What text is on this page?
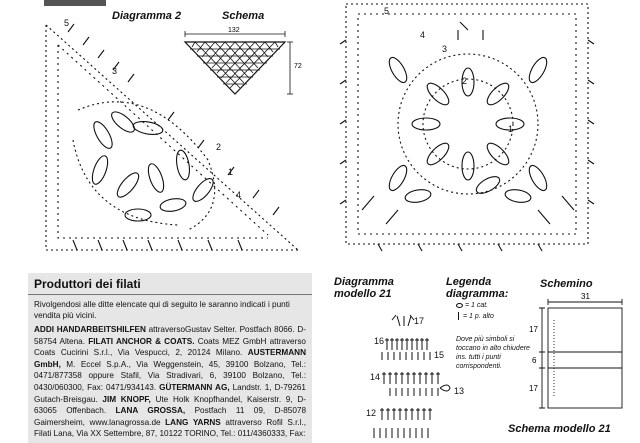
Diagramma 2	Schema
5
3
2
1
4
132
72
5
4
3
2
1
Produttori dei filati
Rivolgendosi alle ditte elencate qui di seguito le saranno indicati i punti vendita più vicini.
ADDI HANDARBEITSHILFEN attraversoGustav Selter. Postfach 8066. D-58754 Altena. FILATI ANCHOR & COATS. Coats MEZ GmbH attraverso Coats Cucirini S.r.l., Via Vespucci, 2, 20124 Milano. AUSTERMANN GmbH, M. Eccel S.p.A., Via Weggenstein, 45, 39100 Bolzano, Tel.: 0471/877358 oppure Stafil, Via Stradivari, 6, 39100 Bolzano, Tel.: 0430/060300, Fax: 0471/934143. GÜTERMANN AG, Landstr. 1, D-79261 Gutach-Breisgau. JIM KNOPF, Ute Holk Knopfhandel, Kaiserstr. 9, D-63065 Offenbach. LANA GROSSA, Postfach 11 09, D-85078 Gaimersheim, www.lanagrossa.de LANG YARNS attraverso Rofil S.r.l., Filati Lana, Via XX Settembre, 87, 10122 TORINO, Tel.: 011/4360333, Fax:
Diagramma modello 21
17
16
15
14
13
12
Legenda diagramma:
= 1 cat.
= 1 p. alto
Dove più simboli si toccano in alto chiudere ins. tutti i punti corrispondenti.
Schemino
31
17
6
17
Schema modello 21
